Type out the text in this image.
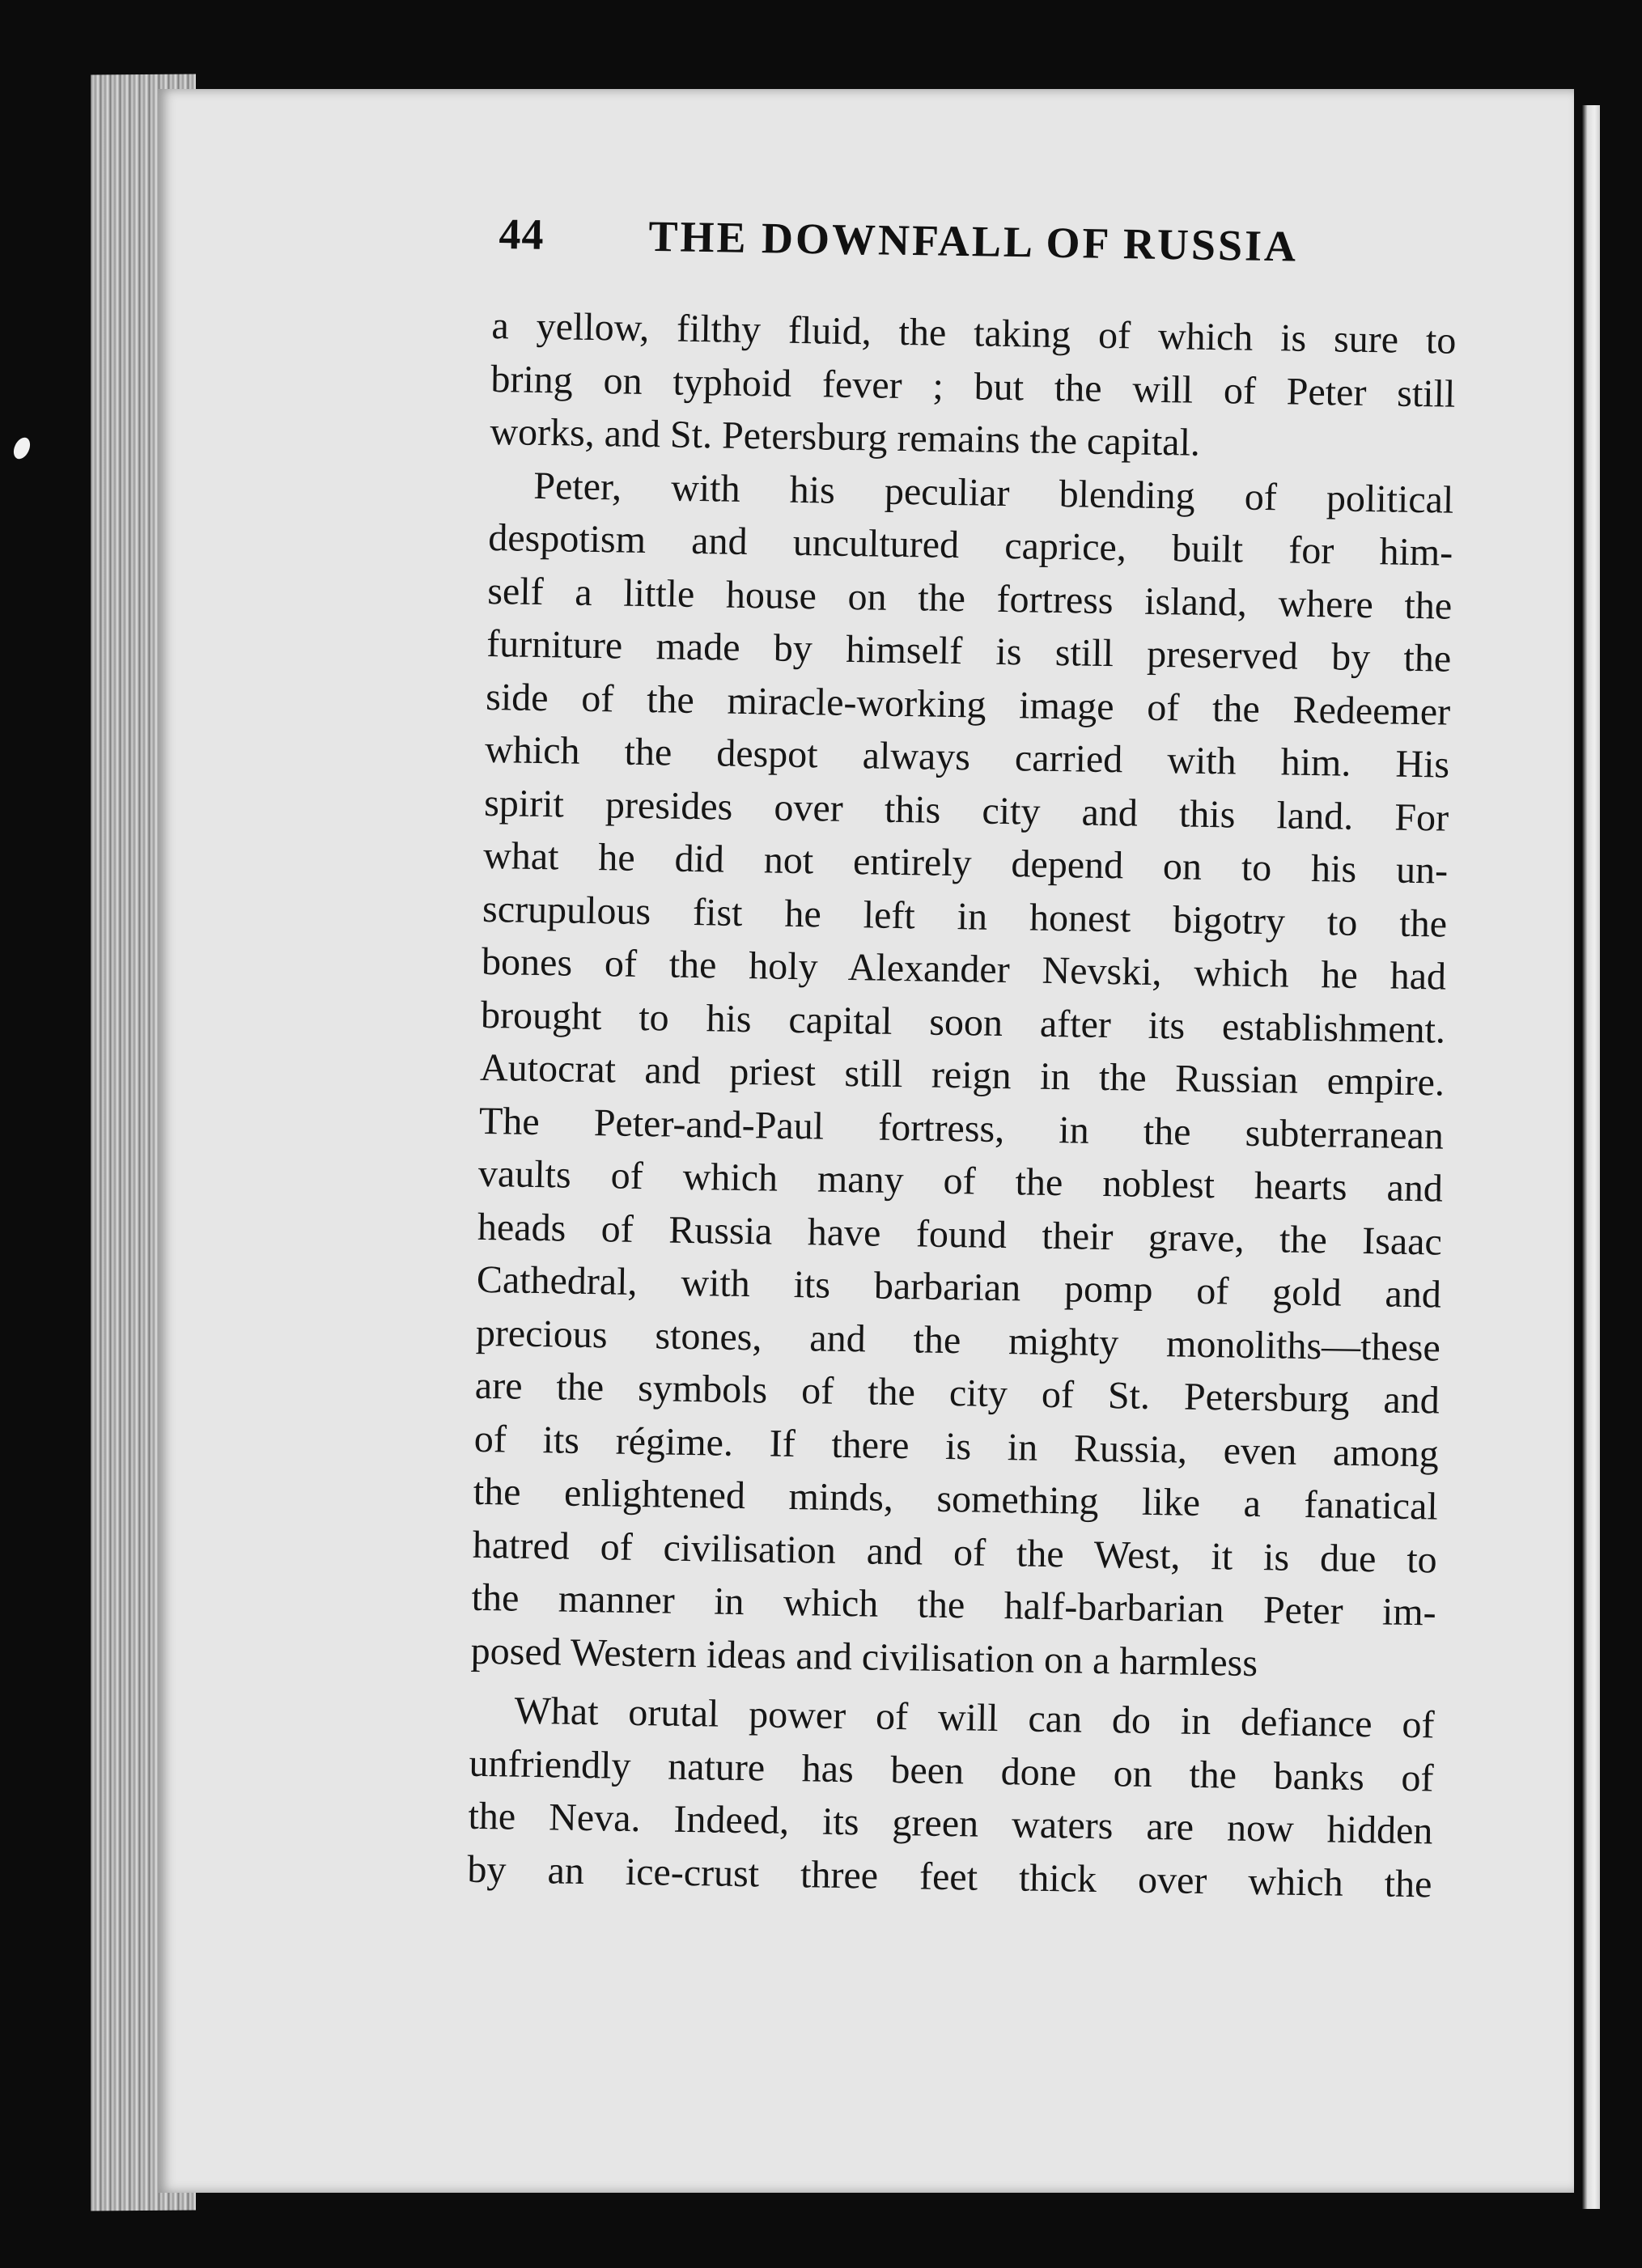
44 THE DOWNFALL OF RUSSIA
a yellow, filthy fluid, the taking of which is sure to
bring on typhoid fever ; but the will of Peter still
works, and St. Petersburg remains the capital.
Peter, with his peculiar blending of political
despotism and uncultured caprice, built for him-
self a little house on the fortress island, where the
furniture made by himself is still preserved by the
side of the miracle-working image of the Redeemer
which the despot always carried with him. His
spirit presides over this city and this land. For
what he did not entirely depend on to his un-
scrupulous fist he left in honest bigotry to the
bones of the holy Alexander Nevski, which he had
brought to his capital soon after its establishment.
Autocrat and priest still reign in the Russian empire.
The Peter-and-Paul fortress, in the subterranean
vaults of which many of the noblest hearts and
heads of Russia have found their grave, the Isaac
Cathedral, with its barbarian pomp of gold and
precious stones, and the mighty monoliths—these
are the symbols of the city of St. Petersburg and
of its régime. If there is in Russia, even among
the enlightened minds, something like a fanatical
hatred of civilisation and of the West, it is due to
the manner in which the half-barbarian Peter im-
posed Western ideas and civilisation on a harmless
What orutal power of will can do in defiance of
unfriendly nature has been done on the banks of
the Neva. Indeed, its green waters are now hidden
by an ice-crust three feet thick over which the
